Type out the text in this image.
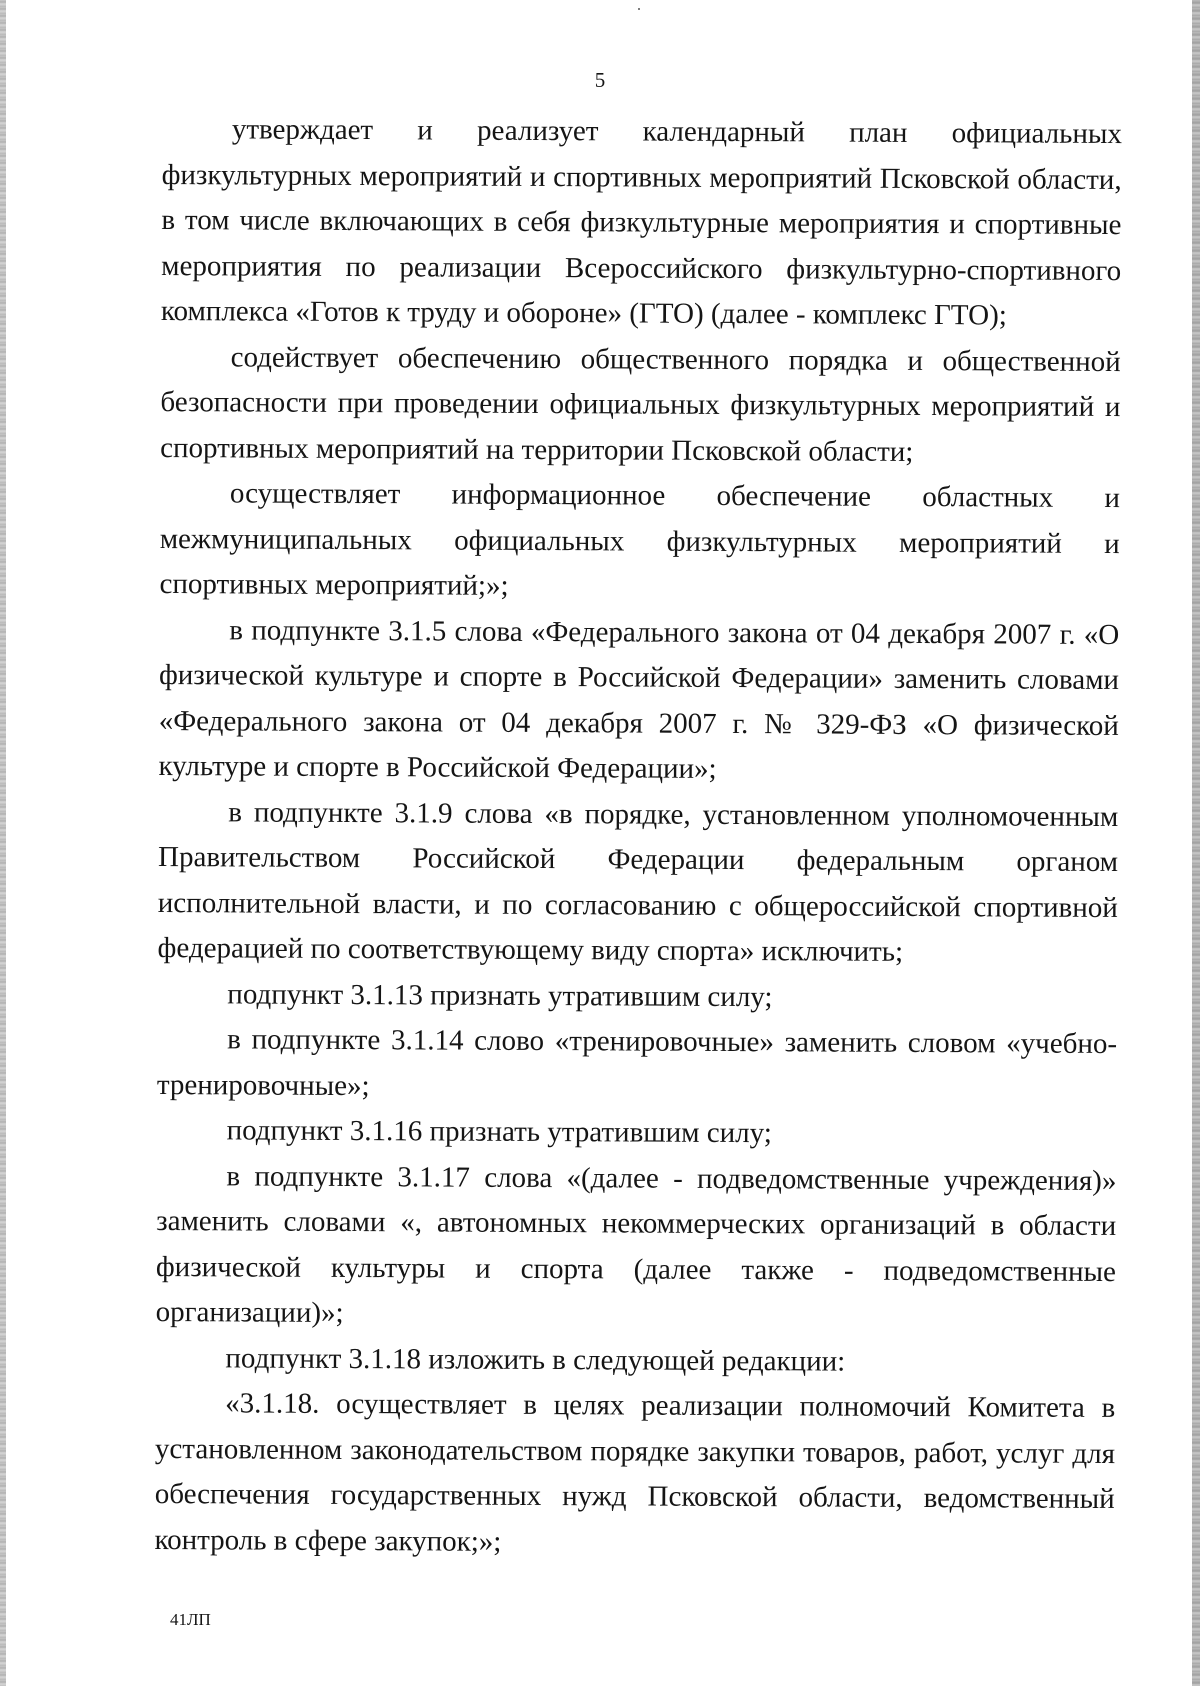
5

утверждает и реализует календарный план официальных физкультурных мероприятий и спортивных мероприятий Псковской области, в том числе включающих в себя физкультурные мероприятия и спортивные мероприятия по реализации Всероссийского физкультурно-спортивного комплекса «Готов к труду и обороне» (ГТО) (далее - комплекс ГТО);

содействует обеспечению общественного порядка и общественной безопасности при проведении официальных физкультурных мероприятий и спортивных мероприятий на территории Псковской области;

осуществляет информационное обеспечение областных и межмуниципальных официальных физкультурных мероприятий и спортивных мероприятий;»;

в подпункте 3.1.5 слова «Федерального закона от 04 декабря 2007 г. «О физической культуре и спорте в Российской Федерации» заменить словами «Федерального закона от 04 декабря 2007 г. № 329-ФЗ «О физической культуре и спорте в Российской Федерации»;

в подпункте 3.1.9 слова «в порядке, установленном уполномоченным Правительством Российской Федерации федеральным органом исполнительной власти, и по согласованию с общероссийской спортивной федерацией по соответствующему виду спорта» исключить;

подпункт 3.1.13 признать утратившим силу;

в подпункте 3.1.14 слово «тренировочные» заменить словом «учебно-тренировочные»;

подпункт 3.1.16 признать утратившим силу;

в подпункте 3.1.17 слова «(далее - подведомственные учреждения)» заменить словами «, автономных некоммерческих организаций в области физической культуры и спорта (далее также - подведомственные организации)»;

подпункт 3.1.18 изложить в следующей редакции:

«3.1.18. осуществляет в целях реализации полномочий Комитета в установленном законодательством порядке закупки товаров, работ, услуг для обеспечения государственных нужд Псковской области, ведомственный контроль в сфере закупок;»;

41ЛП
